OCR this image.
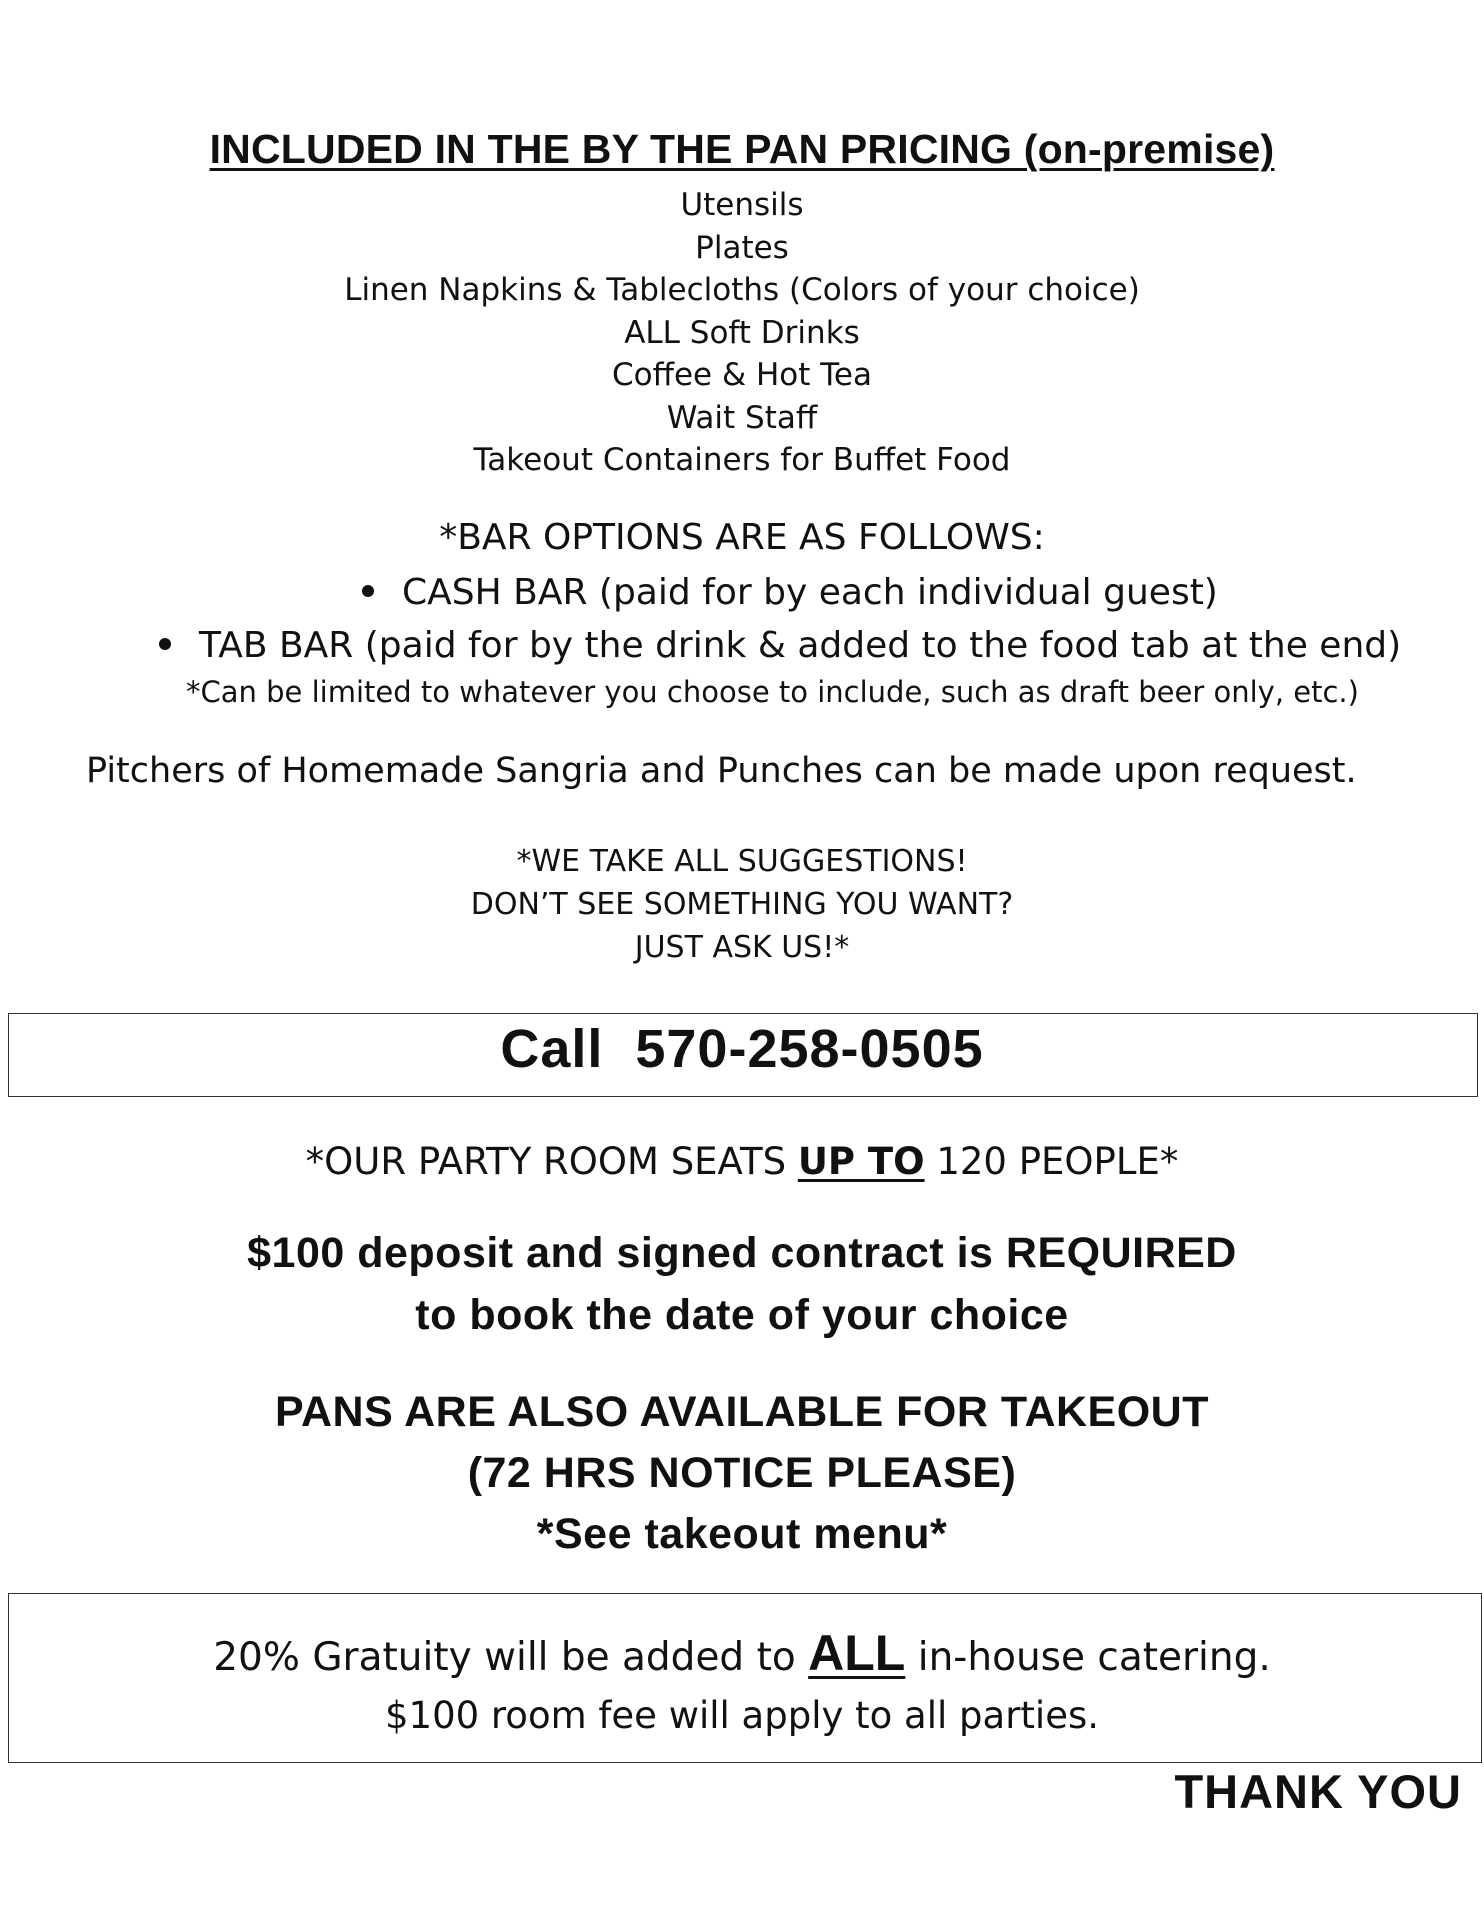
INCLUDED IN THE BY THE PAN PRICING (on-premise)
Utensils
Plates
Linen Napkins & Tablecloths (Colors of your choice)
ALL Soft Drinks
Coffee & Hot Tea
Wait Staff
Takeout Containers for Buffet Food
*BAR OPTIONS ARE AS FOLLOWS:
CASH BAR (paid for by each individual guest)
TAB BAR (paid for by the drink & added to the food tab at the end)
*Can be limited to whatever you choose to include, such as draft beer only, etc.)
Pitchers of Homemade Sangria and Punches can be made upon request.
*WE TAKE ALL SUGGESTIONS!
DON’T SEE SOMETHING YOU WANT?
JUST ASK US!*
Call  570-258-0505
*OUR PARTY ROOM SEATS UP TO 120 PEOPLE*
$100 deposit and signed contract is REQUIRED
to book the date of your choice
PANS ARE ALSO AVAILABLE FOR TAKEOUT
(72 HRS NOTICE PLEASE)
*See takeout menu*
20% Gratuity will be added to ALL in-house catering.
$100 room fee will apply to all parties.
THANK YOU
